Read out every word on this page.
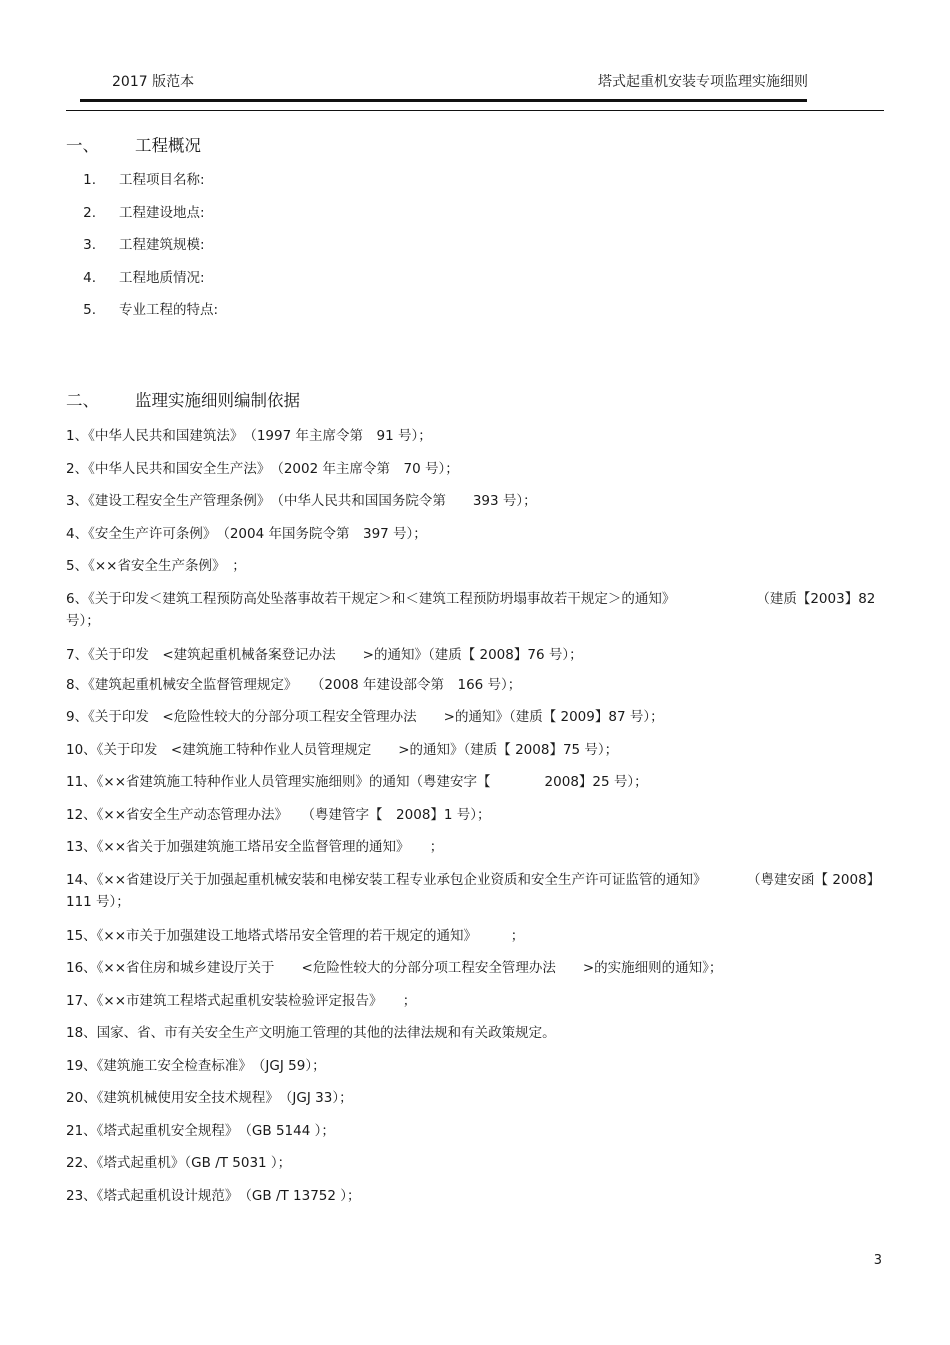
2017 版范本	塔式起重机安装专项监理实施细则
一、 工程概况
1. 工程项目名称:
2. 工程建设地点:
3. 工程建筑规模:
4. 工程地质情况:
5. 专业工程的特点:
二、 监理实施细则编制依据
1、《中华人民共和国建筑法》　（1997 年主席令第　91 号）；
2、《中华人民共和国安全生产法》　（2002 年主席令第　70 号）；
3、《建设工程安全生产管理条例》　（中华人民共和国国务院令第　　393 号）；
4、《安全生产许可条例》　（2004 年国务院令第　397 号）；
5、《××省安全生产条例》　；
6、《关于印发＜建筑工程预防高处坠落事故若干规定＞和＜建筑工程预防坍塌事故若干规定＞的通知》　　　　　　　（建质【2003】82 号）；
7、《关于印发　<建筑起重机械备案登记办法　　>的通知》（建质【 2008】76 号）；
8、《建筑起重机械安全监督管理规定》　　（2008 年建设部令第　166 号）；
9、《关于印发　<危险性较大的分部分项工程安全管理办法　　>的通知》（建质【 2009】87 号）；
10、《关于印发　<建筑施工特种作业人员管理规定　　>的通知》（建质【 2008】75 号）；
11、《××省建筑施工特种作业人员管理实施细则》的通知（粤建安字【　　　　2008】25 号）；
12、《××省安全生产动态管理办法》　　（粤建管字【　2008】1 号）；
13、《××省关于加强建筑施工塔吊安全监督管理的通知》　　；
14、《××省建设厅关于加强起重机械安装和电梯安装工程专业承包企业资质和安全生产许可证监管的通知》　　　　（粤建安函【 2008】111 号）；
15、《××市关于加强建设工地塔式塔吊安全管理的若干规定的通知》　　　；
16、《××省住房和城乡建设厅关于　　<危险性较大的分部分项工程安全管理办法　　>的实施细则的通知》；
17、《××市建筑工程塔式起重机安装检验评定报告》　　；
18、国家、省、市有关安全生产文明施工管理的其他的法律法规和有关政策规定。
19、《建筑施工安全检查标准》　（JGJ 59）；
20、《建筑机械使用安全技术规程》　（JGJ 33）；
21、《塔式起重机安全规程》　（GB 5144 ）；
22、《塔式起重机》（GB /T 5031 ）；
23、《塔式起重机设计规范》　（GB /T 13752 ）；
3
